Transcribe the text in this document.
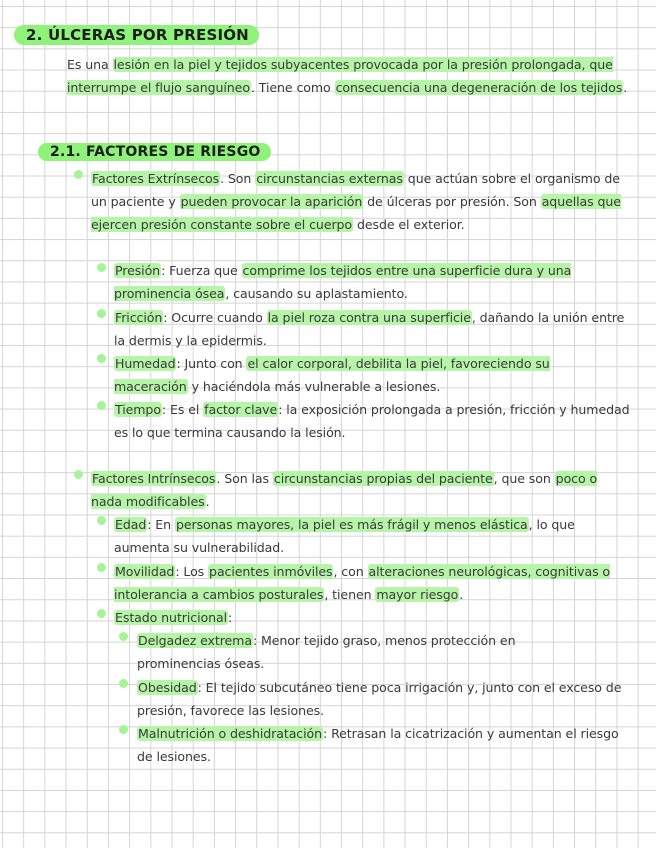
2. ÚLCERAS POR PRESIÓN
Es una lesión en la piel y tejidos subyacentes provocada por la presión prolongada, que interrumpe el flujo sanguíneo. Tiene como consecuencia una degeneración de los tejidos.
2.1. FACTORES DE RIESGO
Factores Extrínsecos. Son circunstancias externas que actúan sobre el organismo de un paciente y pueden provocar la aparición de úlceras por presión. Son aquellas que ejercen presión constante sobre el cuerpo desde el exterior.
Presión: Fuerza que comprime los tejidos entre una superficie dura y una prominencia ósea, causando su aplastamiento.
Fricción: Ocurre cuando la piel roza contra una superficie, dañando la unión entre la dermis y la epidermis.
Humedad: Junto con el calor corporal, debilita la piel, favoreciendo su maceración y haciéndola más vulnerable a lesiones.
Tiempo: Es el factor clave: la exposición prolongada a presión, fricción y humedad es lo que termina causando la lesión.
Factores Intrínsecos. Son las circunstancias propias del paciente, que son poco o nada modificables.
Edad: En personas mayores, la piel es más frágil y menos elástica, lo que aumenta su vulnerabilidad.
Movilidad: Los pacientes inmóviles, con alteraciones neurológicas, cognitivas o intolerancia a cambios posturales, tienen mayor riesgo.
Estado nutricional:
Delgadez extrema: Menor tejido graso, menos protección en prominencias óseas.
Obesidad: El tejido subcutáneo tiene poca irrigación y, junto con el exceso de presión, favorece las lesiones.
Malnutrición o deshidratación: Retrasan la cicatrización y aumentan el riesgo de lesiones.
